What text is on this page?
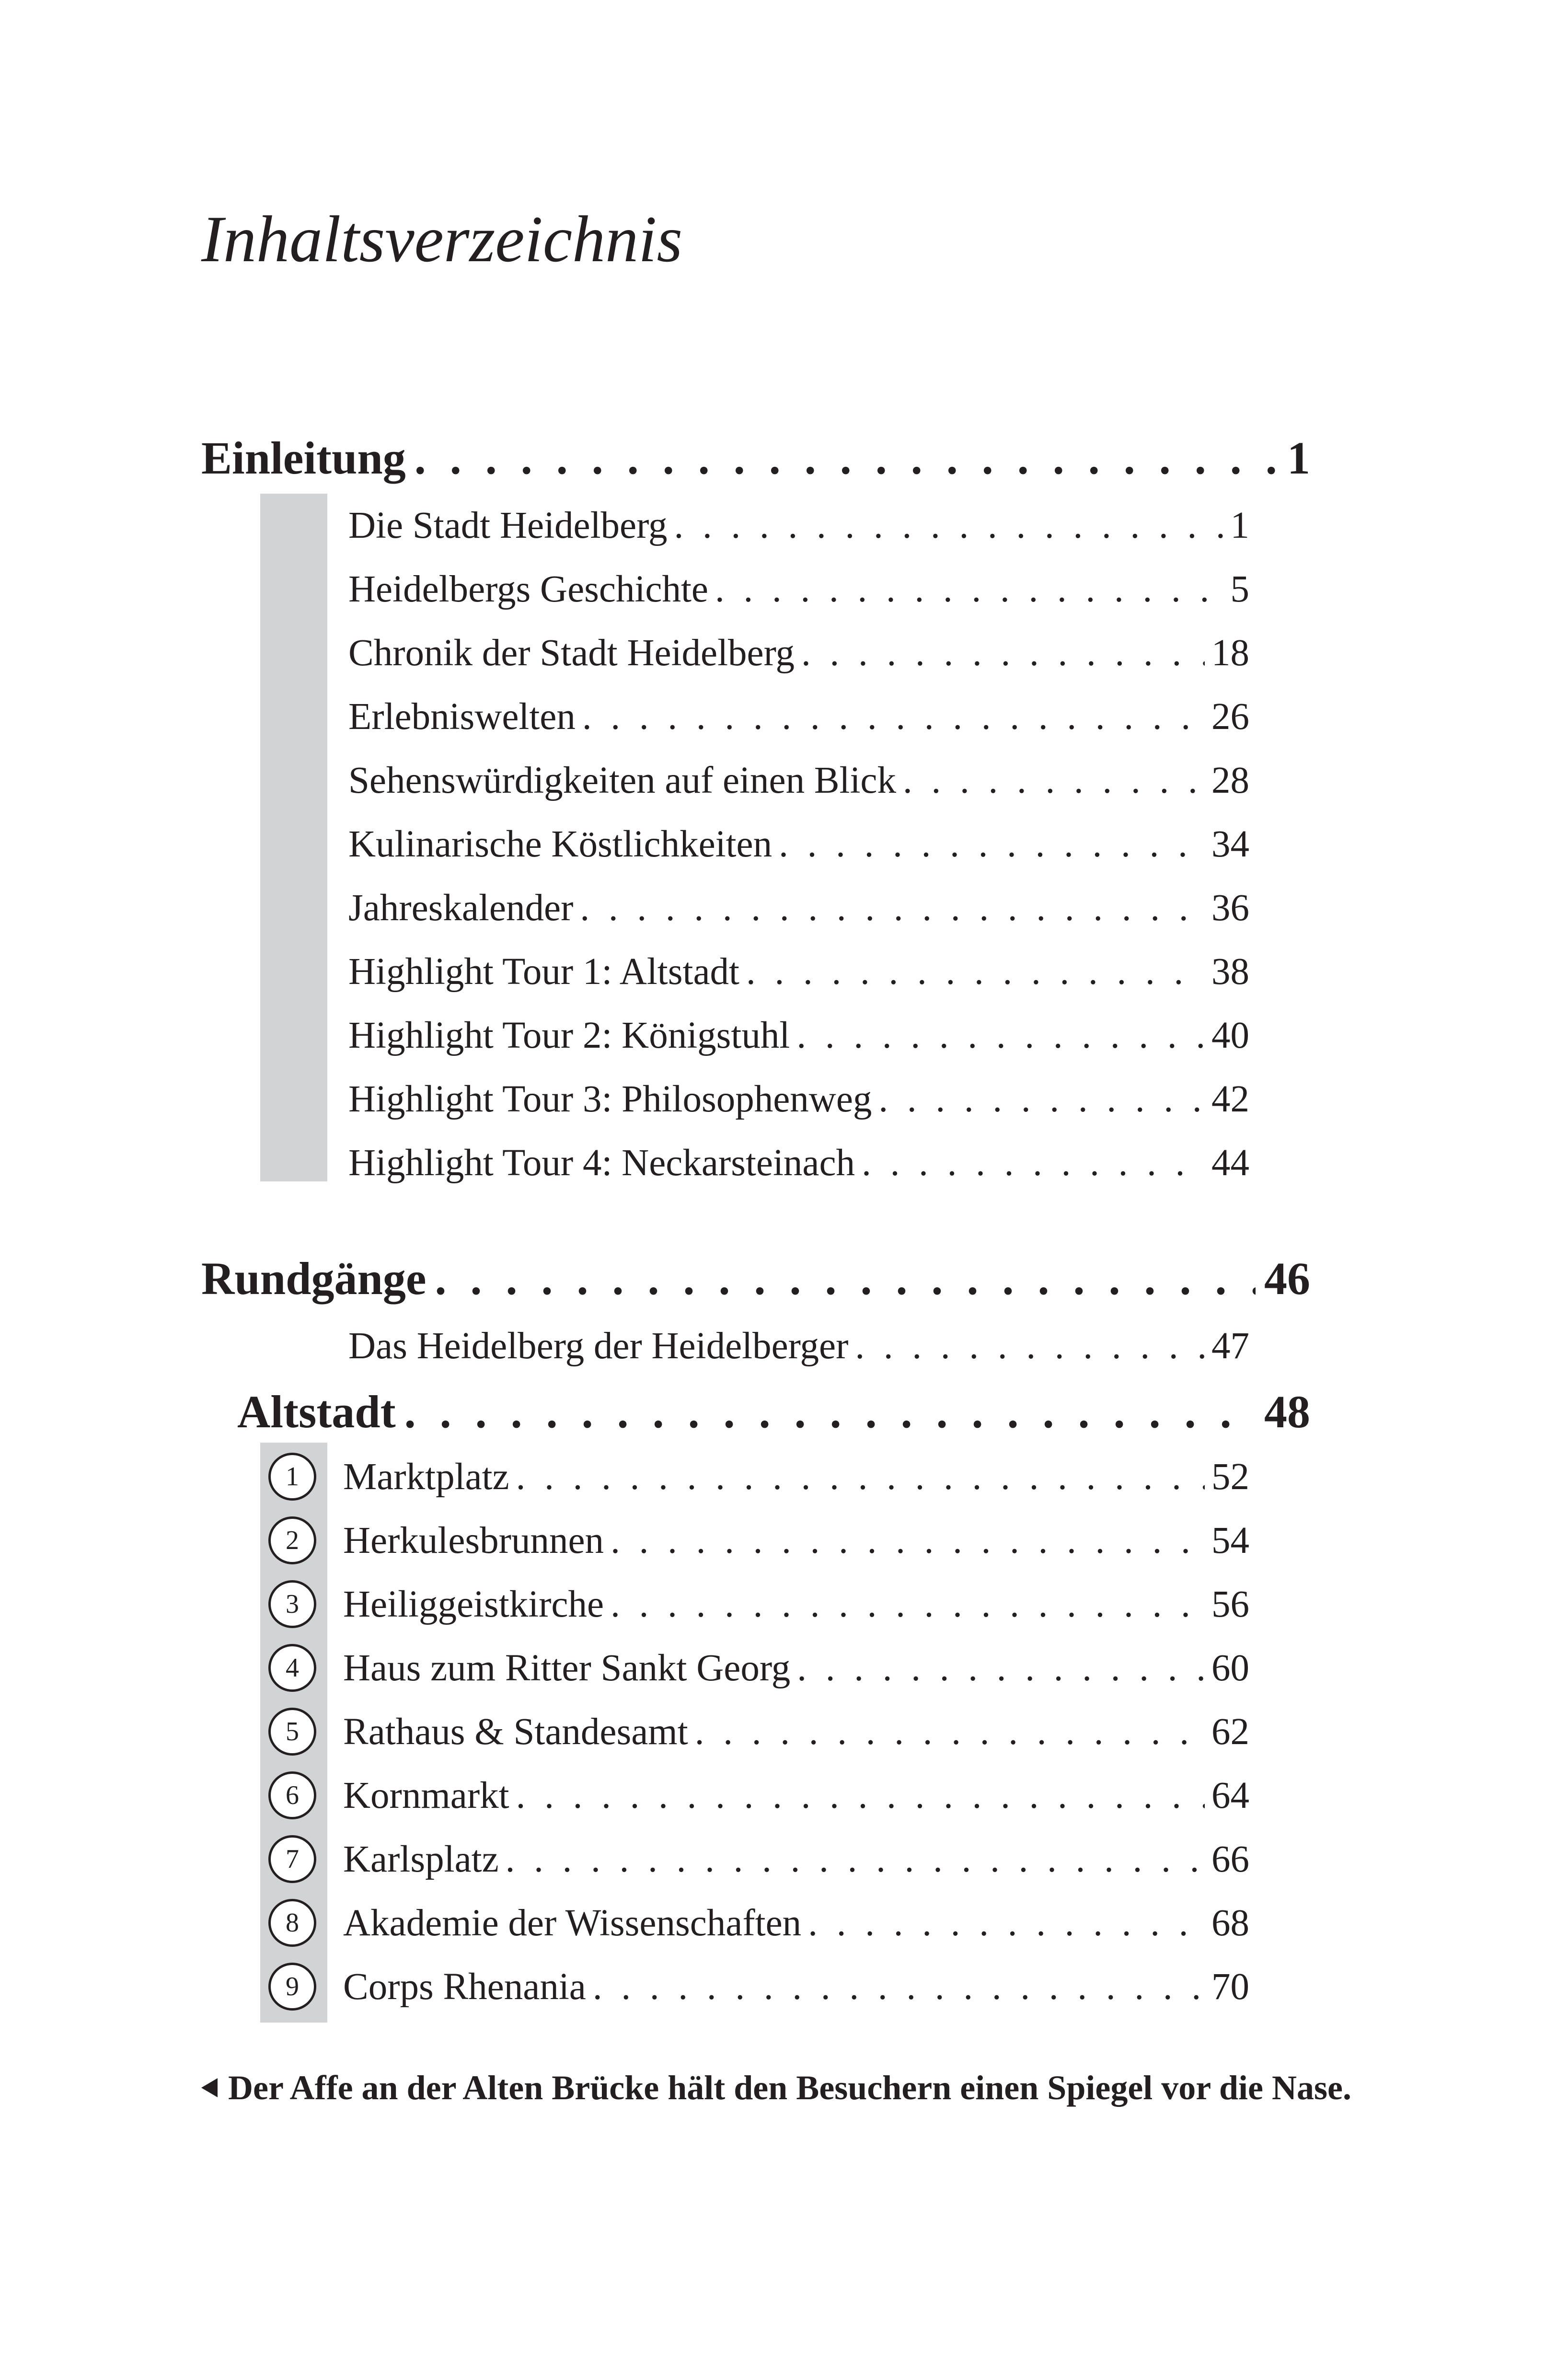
Inhaltsverzeichnis
Einleitung . . .	1
Die Stadt Heidelberg . . .	1
Heidelbergs Geschichte . . .	5
Chronik der Stadt Heidelberg . . .	18
Erlebniswelten . . .	26
Sehenswürdigkeiten auf einen Blick . . .	28
Kulinarische Köstlichkeiten . . .	34
Jahreskalender . . .	36
Highlight Tour 1: Altstadt . . .	38
Highlight Tour 2: Königstuhl . . .	40
Highlight Tour 3: Philosophenweg . . .	42
Highlight Tour 4: Neckarsteinach . . .	44
Rundgänge . . .	46
Das Heidelberg der Heidelberger . . .	47
Altstadt . . .	48
1	Marktplatz . . .	52
2	Herkulesbrunnen . . .	54
3	Heiliggeistkirche . . .	56
4	Haus zum Ritter Sankt Georg . . .	60
5	Rathaus & Standesamt . . .	62
6	Kornmarkt . . .	64
7	Karlsplatz . . .	66
8	Akademie der Wissenschaften . . .	68
9	Corps Rhenania . . .	70
Der Affe an der Alten Brücke hält den Besuchern einen Spiegel vor die Nase.
